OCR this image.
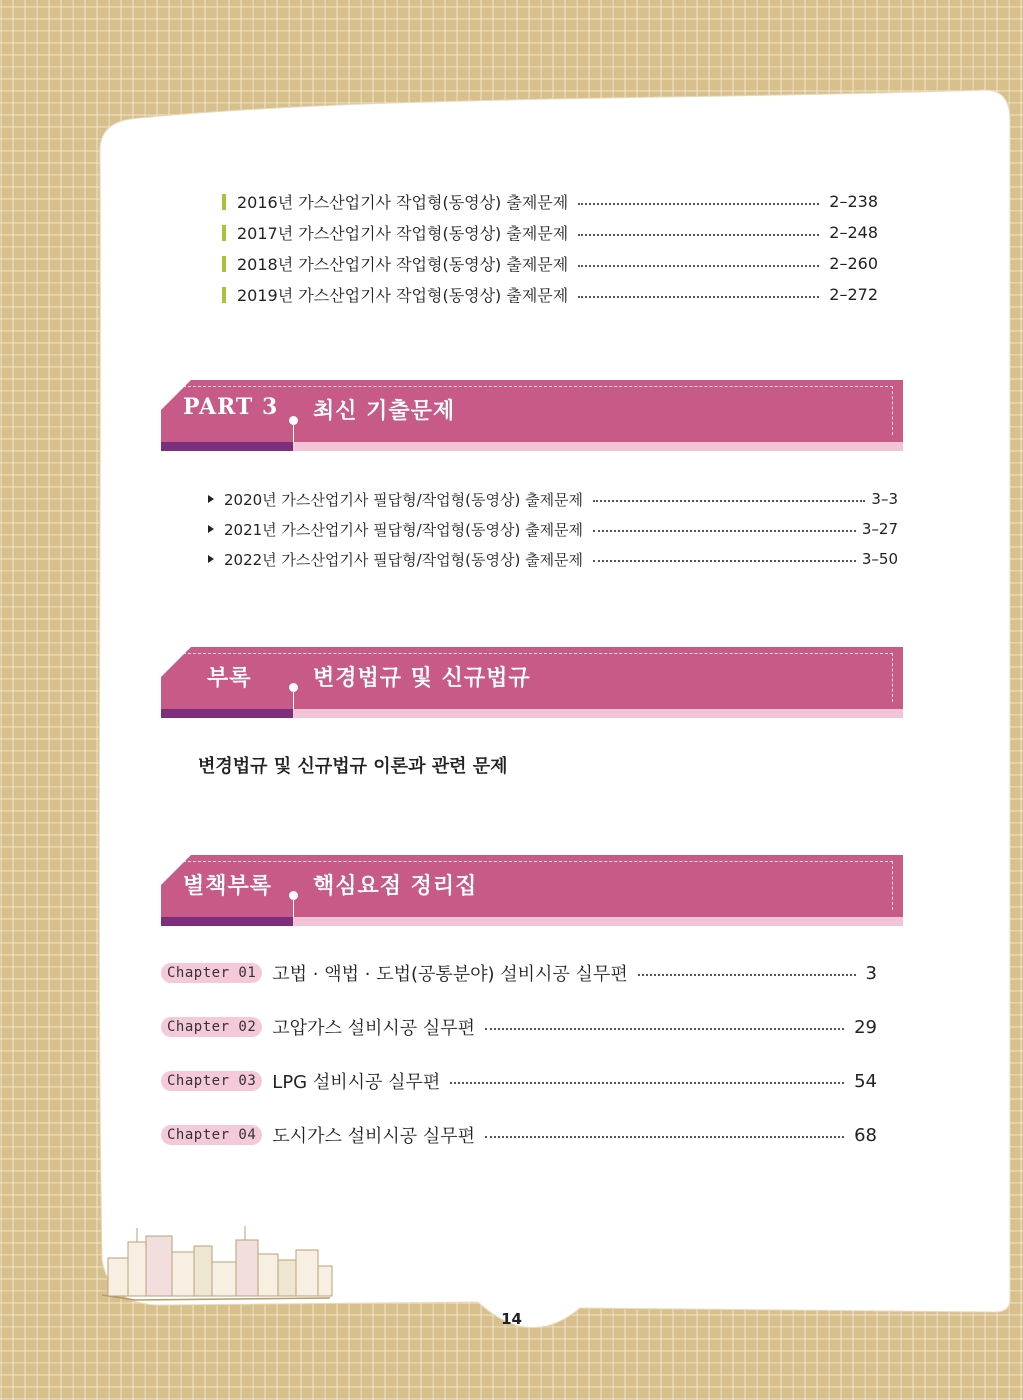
2016년 가스산업기사 작업형(동영상) 출제문제	2–238
2017년 가스산업기사 작업형(동영상) 출제문제	2–248
2018년 가스산업기사 작업형(동영상) 출제문제	2–260
2019년 가스산업기사 작업형(동영상) 출제문제	2–272
PART 3 최신 기출문제
2020년 가스산업기사 필답형/작업형(동영상) 출제문제	3–3
2021년 가스산업기사 필답형/작업형(동영상) 출제문제	3–27
2022년 가스산업기사 필답형/작업형(동영상) 출제문제	3–50
부록	변경법규 및 신규법규
변경법규 및 신규법규 이론과 관련 문제
별책부록 핵심요점 정리집
Chapter 01 고법 · 액법 · 도법(공통분야) 설비시공 실무편	3
Chapter 02 고압가스 설비시공 실무편	29
Chapter 03 LPG 설비시공 실무편	54
Chapter 04 도시가스 설비시공 실무편	68
14
